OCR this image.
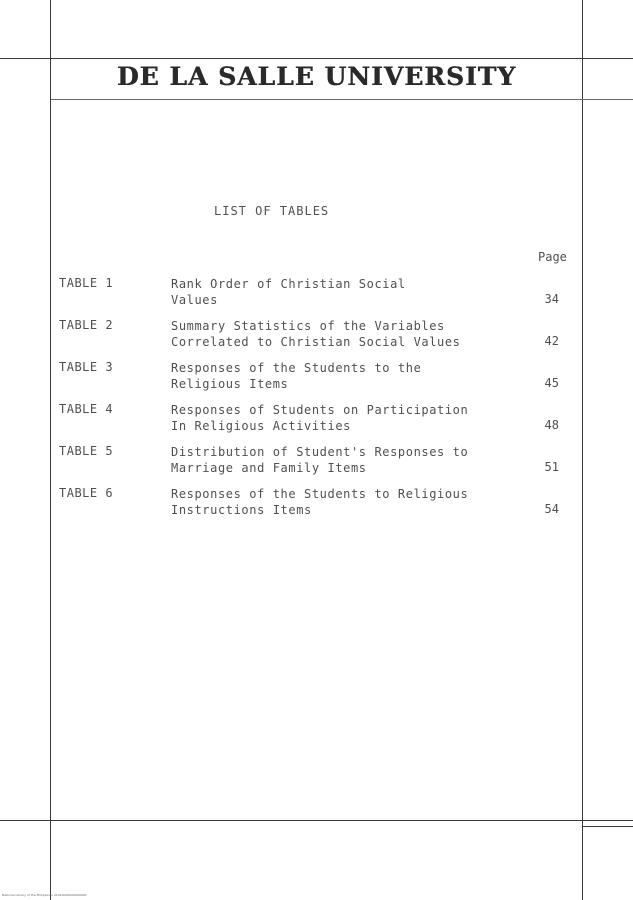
DE LA SALLE UNIVERSITY
LIST OF TABLES
Page
TABLE 1	Rank Order of Christian Social
Values	34
TABLE 2	Summary Statistics of the Variables
Correlated to Christian Social Values	42
TABLE 3	Responses of the Students to the
Religious Items	45
TABLE 4	Responses of Students on Participation
In Religious Activities	48
TABLE 5	Distribution of Student's Responses to
Marriage and Family Items	51
TABLE 6	Responses of the Students to Religious
Instructions Items	54
National Library of the Philippines 01010000000000000
